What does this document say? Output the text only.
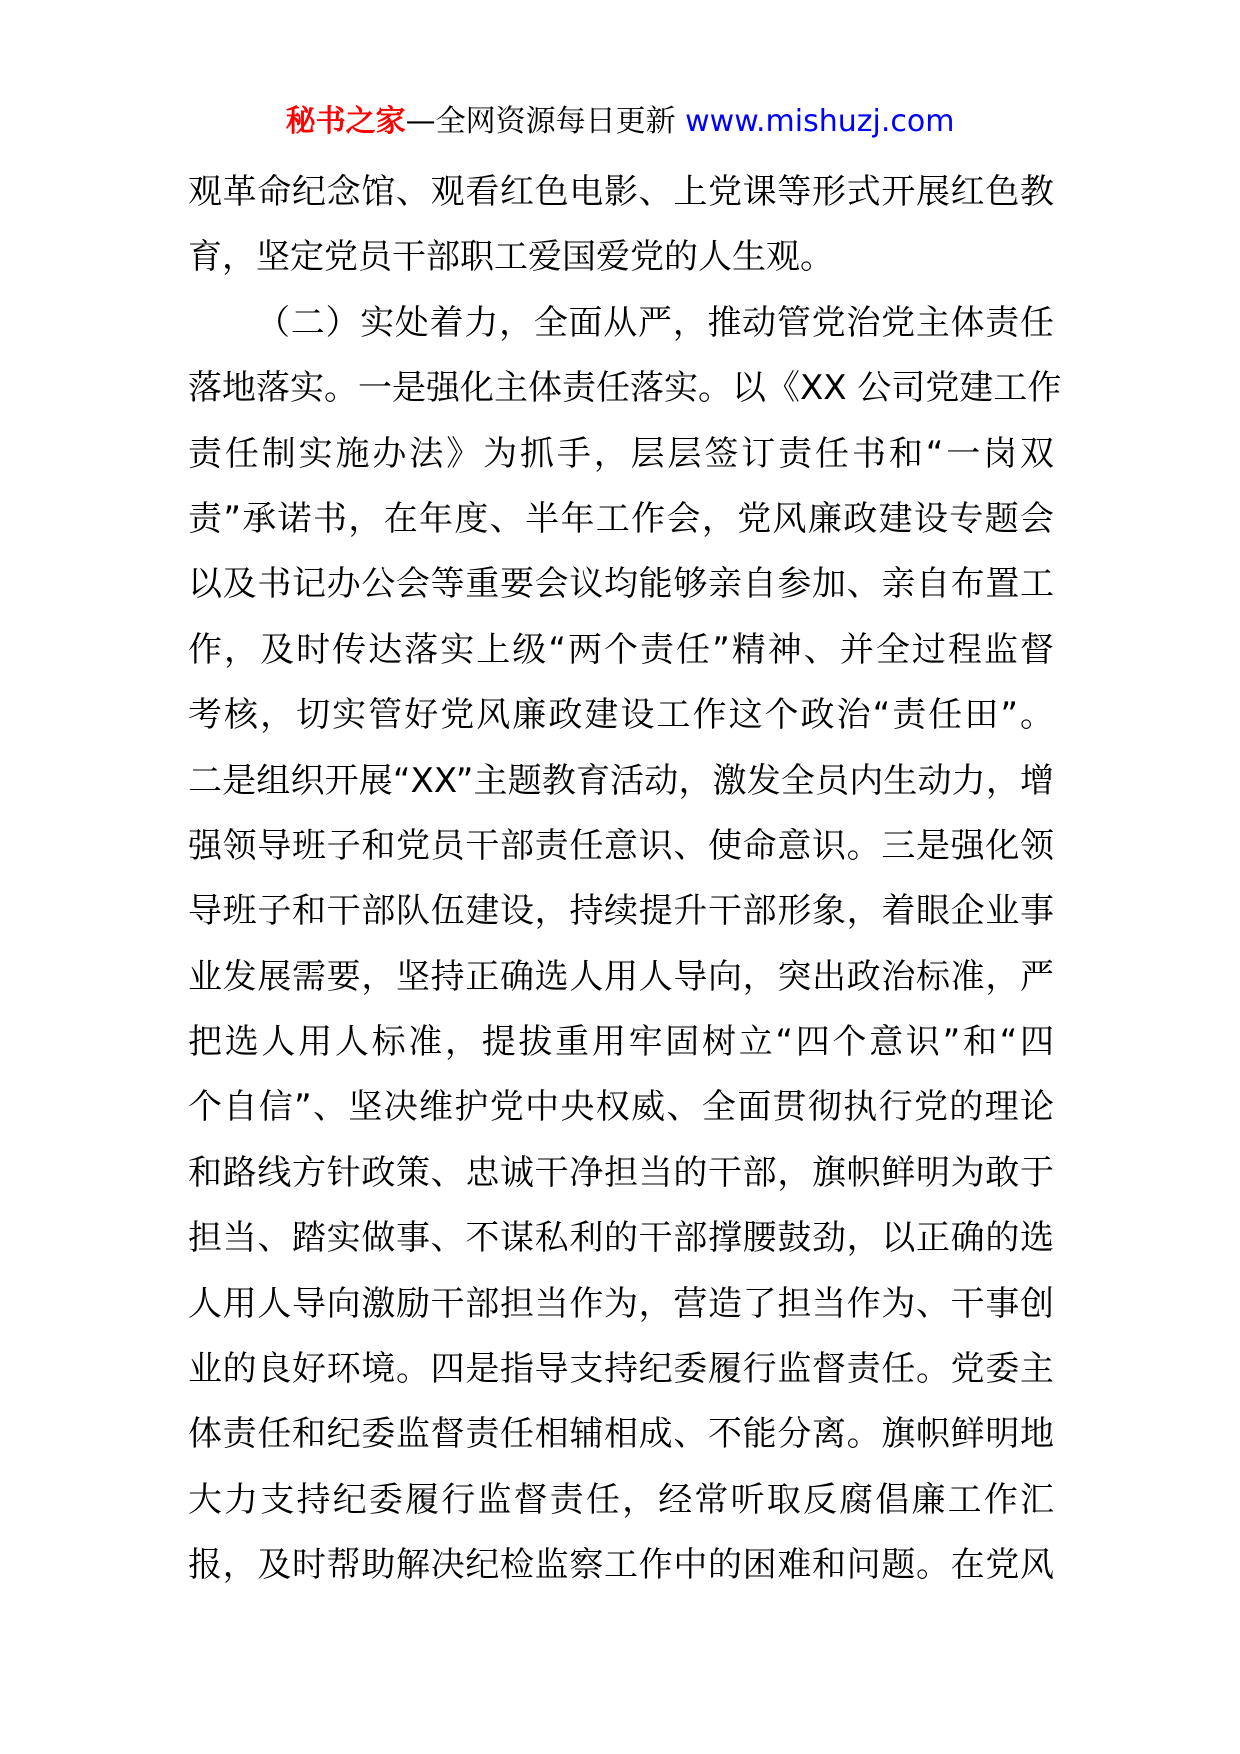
秘书之家—全网资源每日更新 www.mishuzj.com
观革命纪念馆、观看红色电影、上党课等形式开展红色教
育，坚定党员干部职工爱国爱党的人生观。
（二）实处着力，全面从严，推动管党治党主体责任
落地落实。一是强化主体责任落实。以《XX 公司党建工作
责任制实施办法》为抓手，层层签订责任书和“一岗双
责”承诺书，在年度、半年工作会，党风廉政建设专题会
以及书记办公会等重要会议均能够亲自参加、亲自布置工
作，及时传达落实上级“两个责任”精神、并全过程监督
考核，切实管好党风廉政建设工作这个政治“责任田”。
二是组织开展“XX”主题教育活动，激发全员内生动力，增
强领导班子和党员干部责任意识、使命意识。三是强化领
导班子和干部队伍建设，持续提升干部形象，着眼企业事
业发展需要，坚持正确选人用人导向，突出政治标准，严
把选人用人标准，提拔重用牢固树立“四个意识”和“四
个自信”、坚决维护党中央权威、全面贯彻执行党的理论
和路线方针政策、忠诚干净担当的干部，旗帜鲜明为敢于
担当、踏实做事、不谋私利的干部撑腰鼓劲，以正确的选
人用人导向激励干部担当作为，营造了担当作为、干事创
业的良好环境。四是指导支持纪委履行监督责任。党委主
体责任和纪委监督责任相辅相成、不能分离。旗帜鲜明地
大力支持纪委履行监督责任，经常听取反腐倡廉工作汇
报，及时帮助解决纪检监察工作中的困难和问题。在党风
